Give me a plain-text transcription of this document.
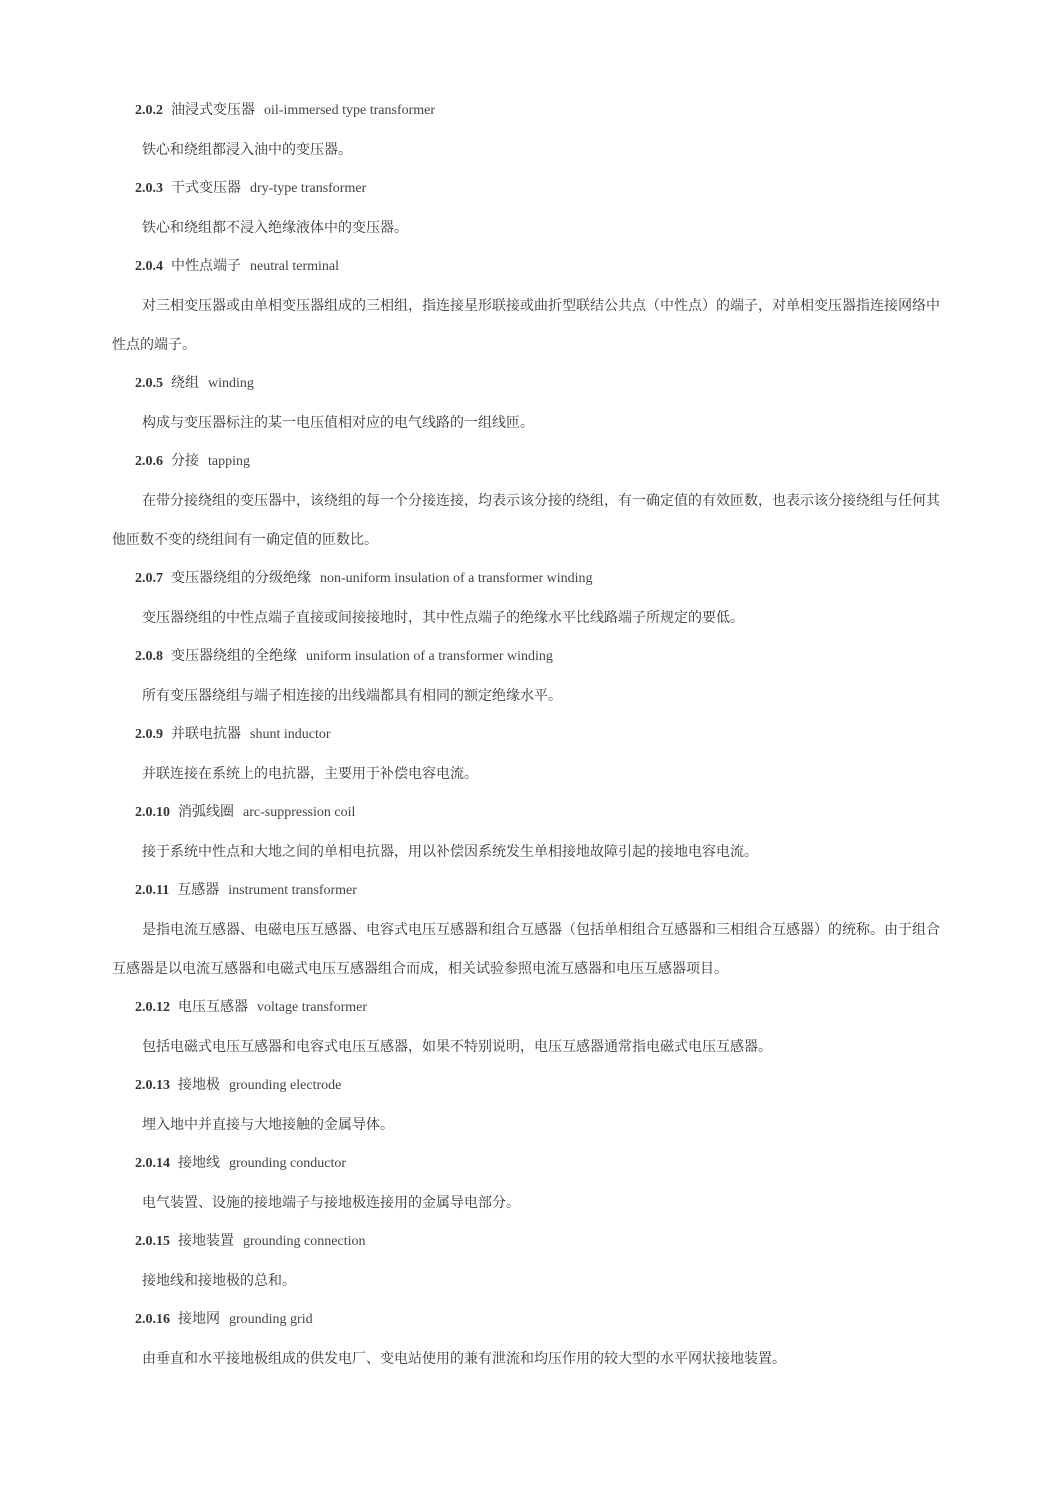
2.0.2 油浸式变压器 oil-immersed type transformer

铁心和绕组都浸入油中的变压器。

2.0.3 干式变压器 dry-type transformer

铁心和绕组都不浸入绝缘液体中的变压器。

2.0.4 中性点端子 neutral terminal

对三相变压器或由单相变压器组成的三相组，指连接星形联接或曲折型联结公共点（中性点）的端子，对单相变压器指连接网络中性点的端子。

2.0.5 绕组 winding

构成与变压器标注的某一电压值相对应的电气线路的一组线匝。

2.0.6 分接 tapping

在带分接绕组的变压器中，该绕组的每一个分接连接，均表示该分接的绕组，有一确定值的有效匝数，也表示该分接绕组与任何其他匝数不变的绕组间有一确定值的匝数比。

2.0.7 变压器绕组的分级绝缘 non-uniform insulation of a transformer winding

变压器绕组的中性点端子直接或间接接地时，其中性点端子的绝缘水平比线路端子所规定的要低。

2.0.8 变压器绕组的全绝缘 uniform insulation of a transformer winding

所有变压器绕组与端子相连接的出线端都具有相同的额定绝缘水平。

2.0.9 并联电抗器 shunt inductor

并联连接在系统上的电抗器，主要用于补偿电容电流。

2.0.10 消弧线圈 arc-suppression coil

接于系统中性点和大地之间的单相电抗器，用以补偿因系统发生单相接地故障引起的接地电容电流。

2.0.11 互感器 instrument transformer

是指电流互感器、电磁电压互感器、电容式电压互感器和组合互感器（包括单相组合互感器和三相组合互感器）的统称。由于组合互感器是以电流互感器和电磁式电压互感器组合而成，相关试验参照电流互感器和电压互感器项目。

2.0.12 电压互感器 voltage transformer

包括电磁式电压互感器和电容式电压互感器，如果不特别说明，电压互感器通常指电磁式电压互感器。

2.0.13 接地极 grounding electrode

埋入地中并直接与大地接触的金属导体。

2.0.14 接地线 grounding conductor

电气装置、设施的接地端子与接地极连接用的金属导电部分。

2.0.15 接地装置 grounding connection

接地线和接地极的总和。

2.0.16 接地网 grounding grid

由垂直和水平接地极组成的供发电厂、变电站使用的兼有泄流和均压作用的较大型的水平网状接地装置。
